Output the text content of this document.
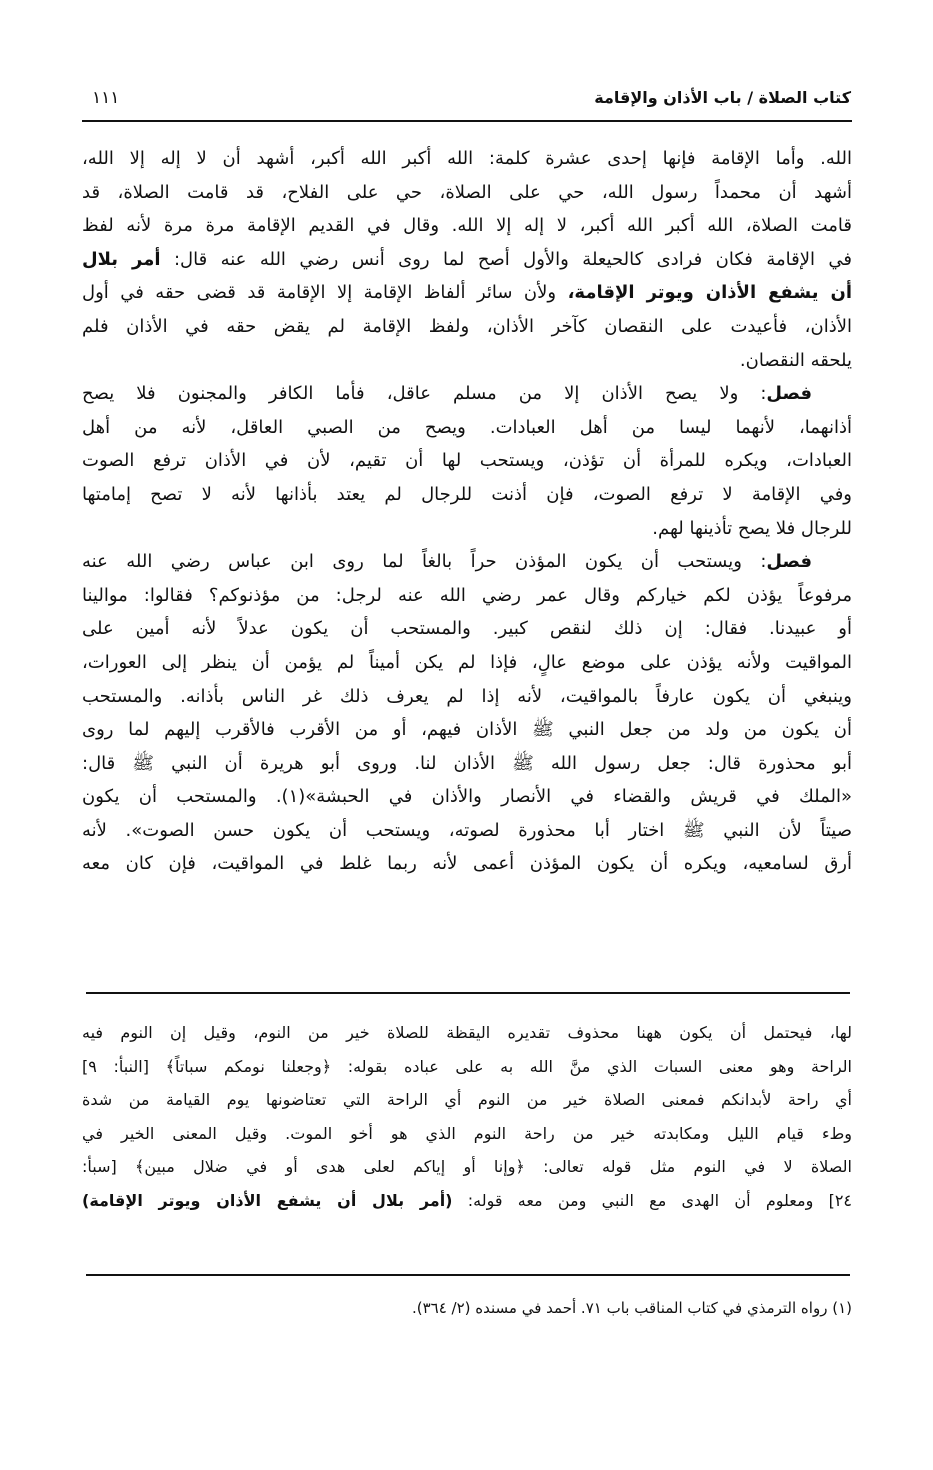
كتاب الصلاة / باب الأذان والإقامة
١١١
الله. وأما الإقامة فإنها إحدى عشرة كلمة: الله أكبر الله أكبر، أشهد أن لا إله إلا الله،
أشهد أن محمداً رسول الله، حي على الصلاة، حي على الفلاح، قد قامت الصلاة، قد
قامت الصلاة، الله أكبر الله أكبر، لا إله إلا الله. وقال في القديم الإقامة مرة مرة لأنه لفظ
في الإقامة فكان فرادى كالحيعلة والأول أصح لما روى أنس رضي الله عنه قال: أمر بلال
أن يشفع الأذان ويوتر الإقامة، ولأن سائر ألفاظ الإقامة إلا الإقامة قد قضى حقه في أول
الأذان، فأعيدت على النقصان كآخر الأذان، ولفظ الإقامة لم يقض حقه في الأذان فلم
يلحقه النقصان.
فصل: ولا يصح الأذان إلا من مسلم عاقل، فأما الكافر والمجنون فلا يصح
أذانهما، لأنهما ليسا من أهل العبادات. ويصح من الصبي العاقل، لأنه من أهل
العبادات، ويكره للمرأة أن تؤذن، ويستحب لها أن تقيم، لأن في الأذان ترفع الصوت
وفي الإقامة لا ترفع الصوت، فإن أذنت للرجال لم يعتد بأذانها لأنه لا تصح إمامتها
للرجال فلا يصح تأذينها لهم.
فصل: ويستحب أن يكون المؤذن حراً بالغاً لما روى ابن عباس رضي الله عنه
مرفوعاً يؤذن لكم خياركم وقال عمر رضي الله عنه لرجل: من مؤذنوكم؟ فقالوا: موالينا
أو عبيدنا. فقال: إن ذلك لنقص كبير. والمستحب أن يكون عدلاً لأنه أمين على
المواقيت ولأنه يؤذن على موضع عالٍ، فإذا لم يكن أميناً لم يؤمن أن ينظر إلى العورات،
وينبغي أن يكون عارفاً بالمواقيت، لأنه إذا لم يعرف ذلك غر الناس بأذانه. والمستحب
أن يكون من ولد من جعل النبي ﷺ الأذان فيهم، أو من الأقرب فالأقرب إليهم لما روى
أبو محذورة قال: جعل رسول الله ﷺ الأذان لنا. وروى أبو هريرة أن النبي ﷺ قال:
«الملك في قريش والقضاء في الأنصار والأذان في الحبشة»(١). والمستحب أن يكون
صيتاً لأن النبي ﷺ اختار أبا محذورة لصوته، ويستحب أن يكون حسن الصوت». لأنه
أرق لسامعيه، ويكره أن يكون المؤذن أعمى لأنه ربما غلط في المواقيت، فإن كان معه
لها، فيحتمل أن يكون ههنا محذوف تقديره اليقظة للصلاة خير من النوم، وقيل إن النوم فيه
الراحة وهو معنى السبات الذي منَّ الله به على عباده بقوله: ﴿وجعلنا نومكم سباتاً﴾ [النبأ: ٩]
أي راحة لأبدانكم فمعنى الصلاة خير من النوم أي الراحة التي تعتاضونها يوم القيامة من شدة
وطء قيام الليل ومكابدته خير من راحة النوم الذي هو أخو الموت. وقيل المعنى الخير في
الصلاة لا في النوم مثل قوله تعالى: ﴿وإنا أو إياكم لعلى هدى أو في ضلال مبين﴾ [سبأ:
٢٤] ومعلوم أن الهدى مع النبي ومن معه قوله: (أمر بلال أن يشفع الأذان ويوتر الإقامة)
(١) رواه الترمذي في كتاب المناقب باب ٧١. أحمد في مسنده (٢/ ٣٦٤).
